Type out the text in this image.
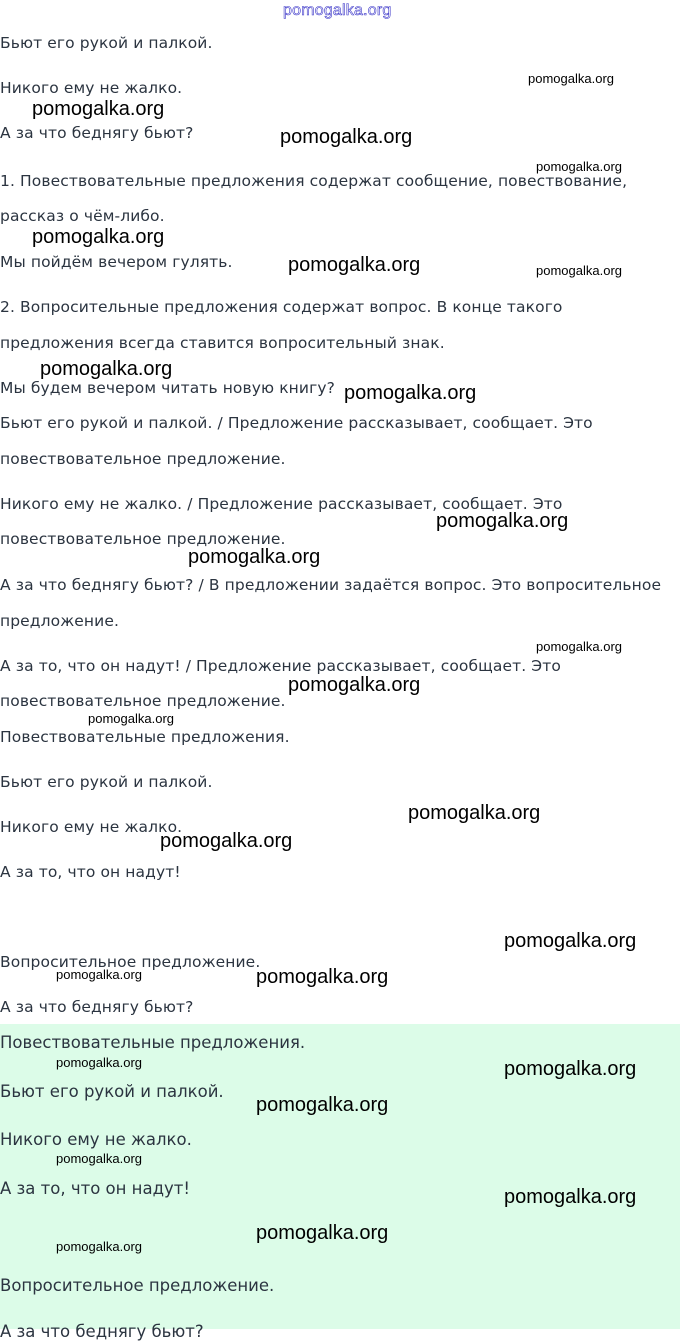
pomogalka.org
Бьют его рукой и палкой.
Никого ему не жалко.
А за что беднягу бьют?
1. Повествовательные предложения содержат сообщение, повествование,
рассказ о чём-либо.
Мы пойдём вечером гулять.
2. Вопросительные предложения содержат вопрос. В конце такого
предложения всегда ставится вопросительный знак.
Мы будем вечером читать новую книгу?
Бьют его рукой и палкой. / Предложение рассказывает, сообщает. Это
повествовательное предложение.
Никого ему не жалко. / Предложение рассказывает, сообщает. Это
повествовательное предложение.
А за что беднягу бьют? / В предложении задаётся вопрос. Это вопросительное
предложение.
А за то, что он надут! / Предложение рассказывает, сообщает. Это
повествовательное предложение.
Повествовательные предложения.
Бьют его рукой и палкой.
Никого ему не жалко.
А за то, что он надут!
Вопросительное предложение.
А за что беднягу бьют?
Повествовательные предложения.
Бьют его рукой и палкой.
Никого ему не жалко.
А за то, что он надут!
Вопросительное предложение.
А за что беднягу бьют?
pomogalka.org
pomogalka.org
pomogalka.org
pomogalka.org
pomogalka.org
pomogalka.org
pomogalka.org
pomogalka.org
pomogalka.org
pomogalka.org
pomogalka.org
pomogalka.org
pomogalka.org
pomogalka.org
pomogalka.org
pomogalka.org
pomogalka.org
pomogalka.org
pomogalka.org
pomogalka.org
pomogalka.org
pomogalka.org
pomogalka.org
pomogalka.org
pomogalka.org
pomogalka.org
